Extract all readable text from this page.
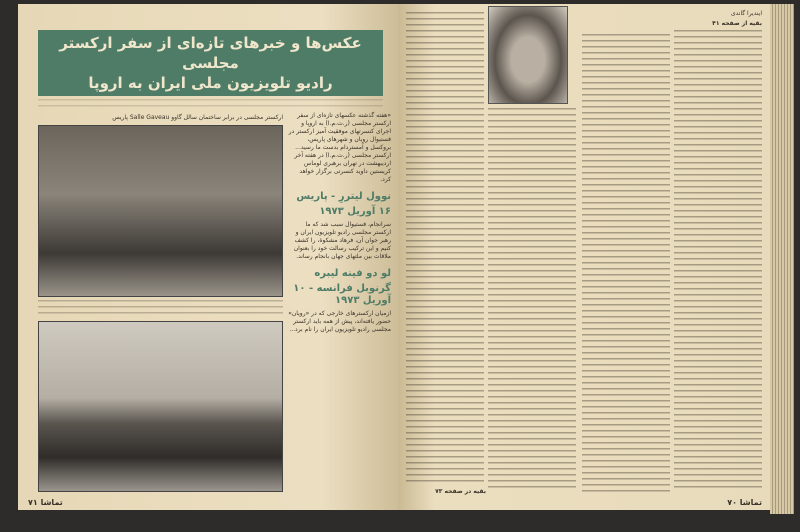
عکس‌ها و خبرهای تازه‌ای از سفر ارکستر مجلسی
رادیو تلویزیون ملی ایران به اروپا
ارکستر مجلسی در برابر ساختمان سالل گاوو Salle Gaveau پاریس	«هفته گذشته عکسهای تازه‌ای از سفر ارکستر مجلسی (ر.ت.م.ا) به اروپا و اجرای کنسرتهای موفقیت آمیز ارکستر در فستیوال رویان و شهرهای پاریس، بروکسل و آمستردام بدست ما رسید... ارکستر مجلسی (ر.ت.م.ا) در هفته آخر اردیبهشت در تهران برهبری لوماس کریستین داوید کنسرتی برگزار خواهد کرد.
نوول لیتررِ - پاریس
۱۶ آوریل ۱۹۷۳
سرانجام، فستیوال سبب شد که ما ارکستر مجلسی رادیو تلویزیون ایران و رهبر جوان آن، فرهاد مشکوة، را کشف کنیم و این ترکیب رسالت خود را بعنوان ملاقات بین ملتهای جهان بانجام رساند.
لو دو فینه لیبره
گرنوبل فرانسه - ۱۰ آوریل ۱۹۷۳
ازمیان ارکسترهای خارجی که در «رویان» حضور یافته‌اند، پیش از همه باید ارکستر مجلسی رادیو تلویزیون ایران را نام برد...
۷۱ تماشا
ایندیرا گاندی
بقیه از صفحه ۴۱
بقیه در صفحه ۷۳
۷۰ تماشا
